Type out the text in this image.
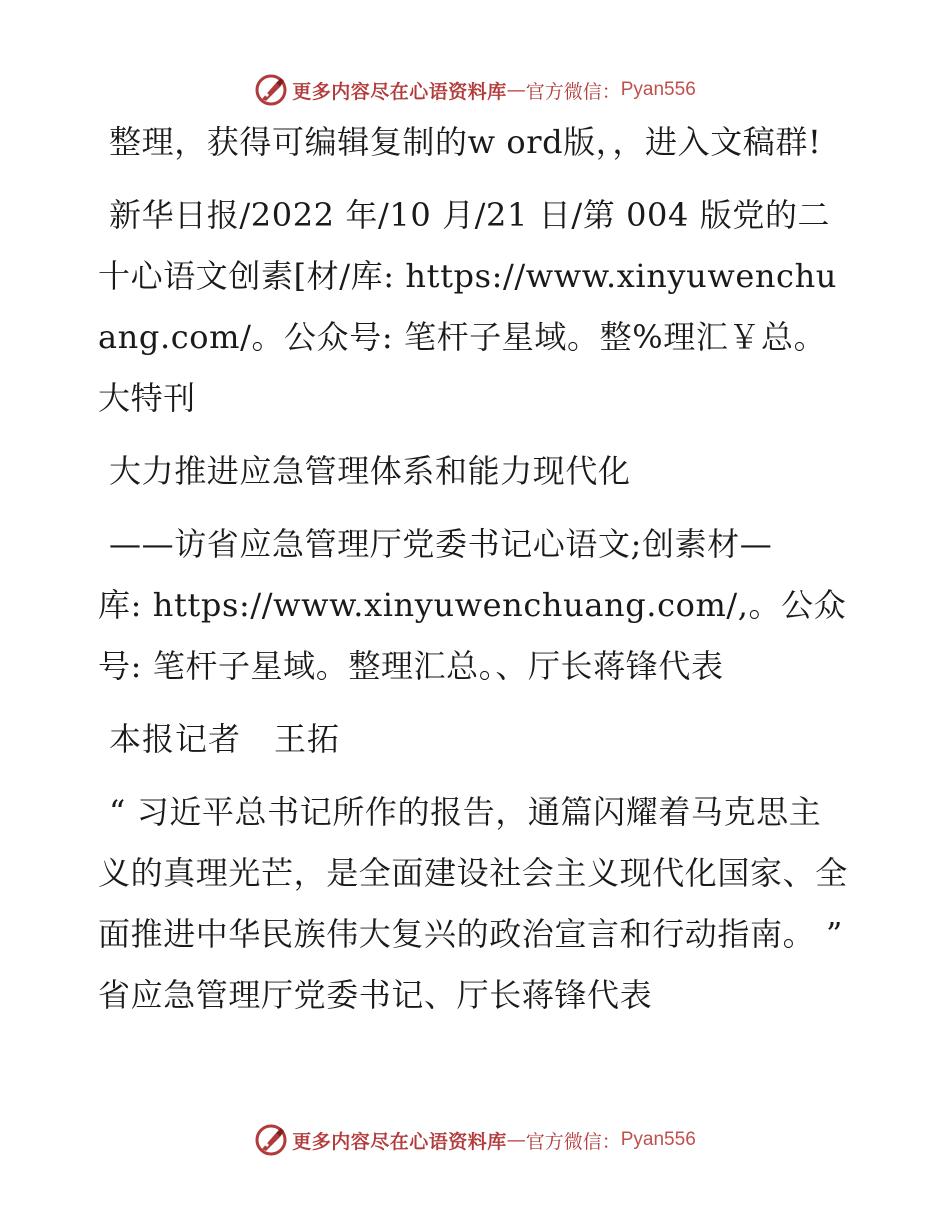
更多内容尽在心语资料库 — 官方微信： Pyan556

整理，获得可编辑复制的w ord版，，进入文稿群!

新华日报/2022 年/10 月/21 日/第 004 版党的二十心语文创素[材/库: https://www.xinyuwenchuang.com/。公众号: 笔杆子星域。整%理汇￥总。大特刊

大力推进应急管理体系和能力现代化

——访省应急管理厅党委书记心语文;创素材—

库: https://www.xinyuwenchuang.com/,。公众号: 笔杆子星域。整理汇总。、厅长蒋锋代表

本报记者　王拓

“ 习近平总书记所作的报告，通篇闪耀着马克思主义的真理光芒，是全面建设社会主义现代化国家、全面推进中华民族伟大复兴的政治宣言和行动指南。 ” 省应急管理厅党委书记、厅长蒋锋代表

更多内容尽在心语资料库 — 官方微信： Pyan556
